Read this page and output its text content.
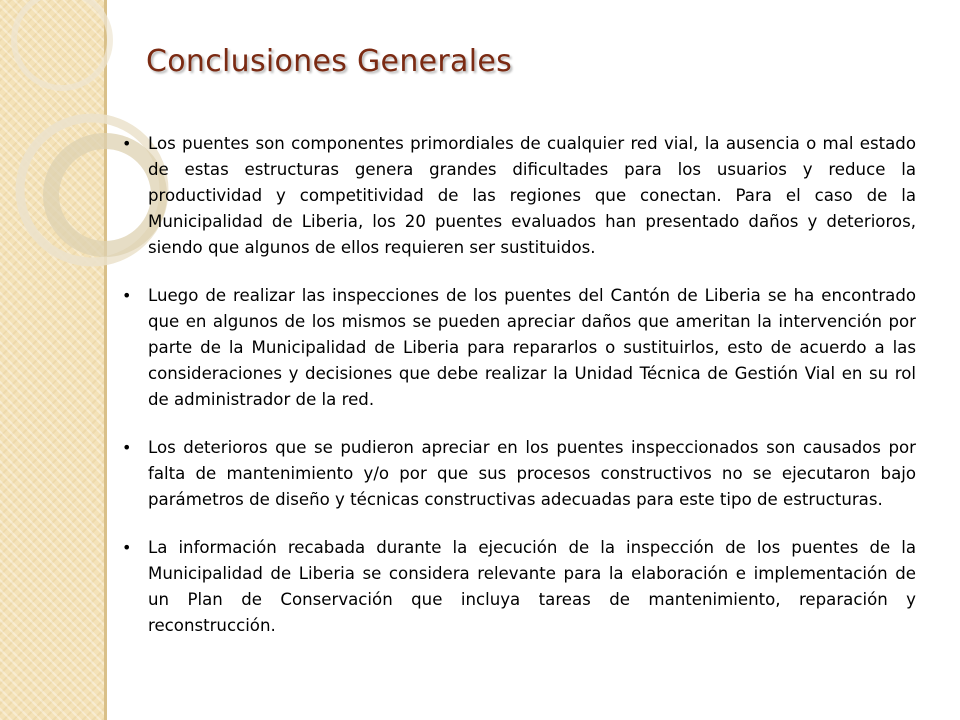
Conclusiones Generales
• Los puentes son componentes primordiales de cualquier red vial, la ausencia o mal estado de estas estructuras genera grandes dificultades para los usuarios y reduce la productividad y competitividad de las regiones que conectan. Para el caso de la Municipalidad de Liberia, los 20 puentes evaluados han presentado daños y deterioros, siendo que algunos de ellos requieren ser sustituidos.
• Luego de realizar las inspecciones de los puentes del Cantón de Liberia se ha encontrado que en algunos de los mismos se pueden apreciar daños que ameritan la intervención por parte de la Municipalidad de Liberia para repararlos o sustituirlos, esto de acuerdo a las consideraciones y decisiones que debe realizar la Unidad Técnica de Gestión Vial en su rol de administrador de la red.
• Los deterioros que se pudieron apreciar en los puentes inspeccionados son causados por falta de mantenimiento y/o por que sus procesos constructivos no se ejecutaron bajo parámetros de diseño y técnicas constructivas adecuadas para este tipo de estructuras.
• La información recabada durante la ejecución de la inspección de los puentes de la Municipalidad de Liberia se considera relevante para la elaboración e implementación de un Plan de Conservación que incluya tareas de mantenimiento, reparación y reconstrucción.
